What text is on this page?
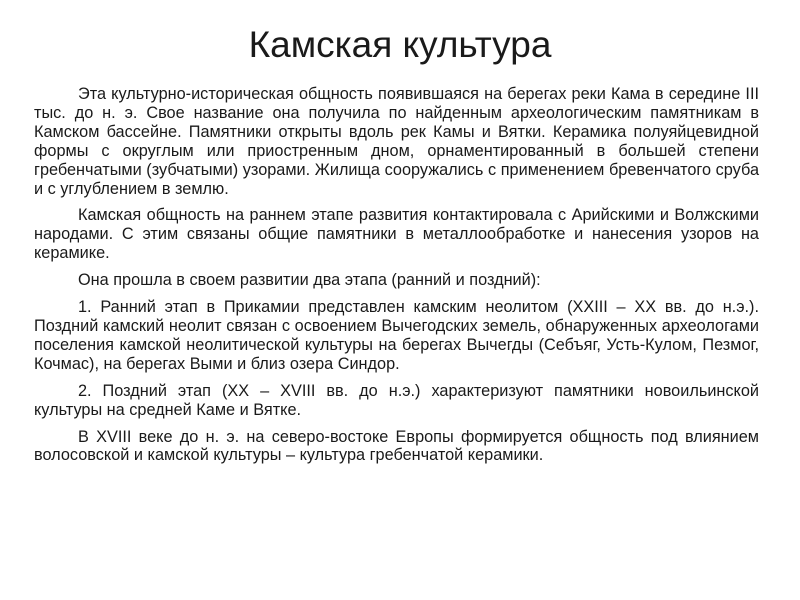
Камская культура

Эта культурно-историческая общность появившаяся на берегах реки Кама в середине III тыс. до н. э. Свое название она получила по найденным археологическим памятникам в Камском бассейне. Памятники открыты вдоль рек Камы и Вятки. Керамика полуяйцевидной формы с округлым или приостренным дном, орнаментированный в большей степени гребенчатыми (зубчатыми) узорами. Жилища сооружались с применением бревенчатого сруба и с углублением в землю.

Камская общность на раннем этапе развития контактировала с Арийскими и Волжскими народами. С этим связаны общие памятники в металлообработке и нанесения узоров на керамике.

Она прошла в своем развитии два этапа (ранний и поздний):

1. Ранний этап в Прикамии представлен камским неолитом (XXIII – XX вв. до н.э.). Поздний камский неолит связан с освоением Вычегодских земель, обнаруженных археологами поселения камской неолитической культуры на берегах Вычегды (Себъяг, Усть-Кулом, Пезмог, Кочмас), на берегах Выми и близ озера Синдор.

2. Поздний этап (XX – XVIII вв. до н.э.) характеризуют памятники новоильинской культуры на средней Каме и Вятке.

В XVIII веке до н. э. на северо-востоке Европы формируется общность под влиянием волосовской и камской культуры – культура гребенчатой керамики.
